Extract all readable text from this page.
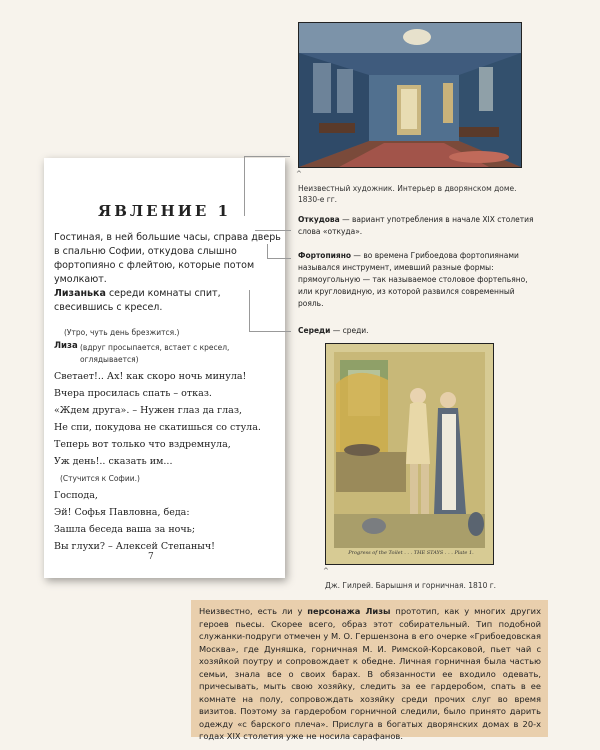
ЯВЛЕНИЕ 1
Гостиная, в ней большие часы, справа дверь в спальню Софии, откудова слышно фортопияно с флейтою, которые потом умолкают.
Лизанька середи комнаты спит, свесившись с кресел.
(Утро, чуть день брезжится.)
Лиза (вдруг просыпается, встает с кресел, оглядывается)
Светает!.. Ах! как скоро ночь минула!
Вчера просилась спать – отказ.
«Ждем друга». – Нужен глаз да глаз,
Не спи, покудова не скатишься со стула.
Теперь вот только что вздремнула,
Уж день!.. сказать им...
(Стучится к Софии.)
Господа,
Эй! Софья Павловна, беда:
Зашла беседа ваша за ночь;
Вы глухи? – Алексей Степаныч!
7
^
Неизвестный художник. Интерьер в дворянском доме. 1830-е гг.
Откудова — вариант употребления в начале XIX столетия слова «откуда».
Фортопияно — во времена Грибоедова фортопиянами назывался инструмент, имевший разные формы: прямоугольную — так называемое столовое фортепьяно, или кругловидную, из которой развился современный рояль.
Середи — среди.
Progress of the Toilet . . . THE STAYS . . . Plate 1.
^
Дж. Гилрей. Барышня и горничная. 1810 г.

Неизвестно, есть ли у персонажа Лизы прототип, как у многих других героев пьесы. Скорее всего, образ этот собирательный. Тип подобной служанки-подруги отмечен у М. О. Гершензона в его очерке «Грибоедовская Москва», где Дуняшка, горничная М. И. Римской-Корсаковой, пьет чай с хозяйкой поутру и сопровождает к обедне. Личная горничная была частью семьи, знала все о своих барах. В обязанности ее входило одевать, причесывать, мыть свою хозяйку, следить за ее гардеробом, спать в ее комнате на полу, сопровождать хозяйку среди прочих слуг во время визитов. Поэтому за гардеробом горничной следили, было принято дарить одежду «с барского плеча». Прислуга в богатых дворянских домах в 20-х годах XIX столетия уже не носила сарафанов.
